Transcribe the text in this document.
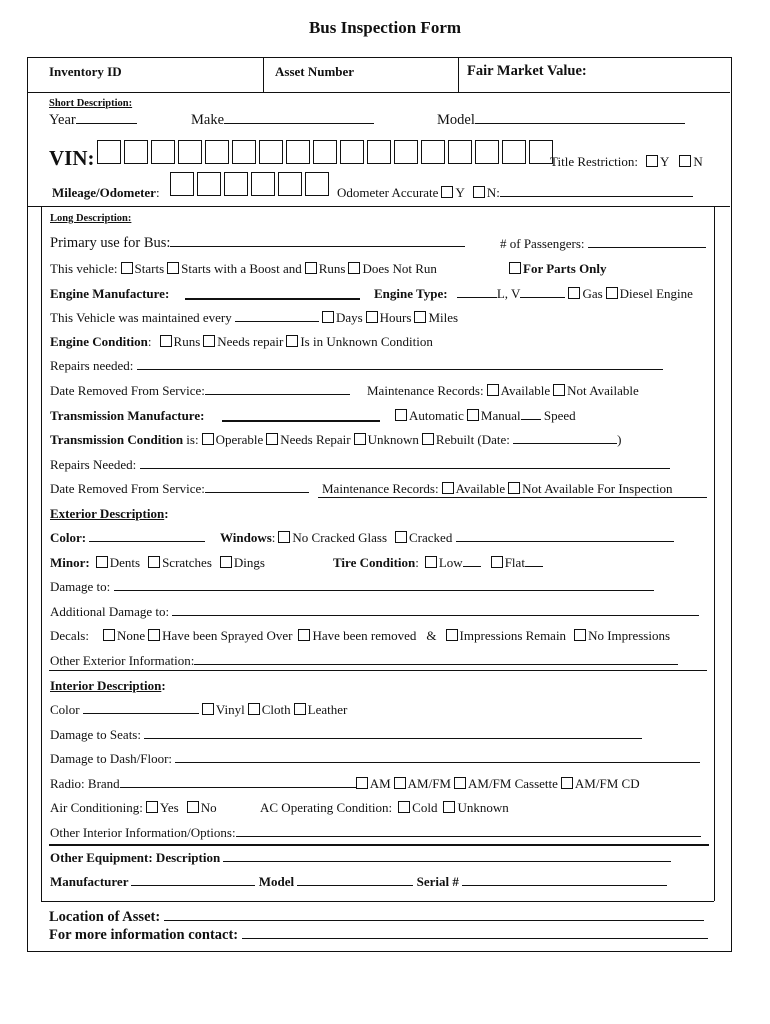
Bus Inspection Form
Inventory ID	Asset Number	Fair Market Value:
Short Description:
Year	Make	Model
VIN:	Title Restriction: Y N
Mileage/Odometer:	Odometer Accurate Y N:
Long Description:
Primary use for Bus:	# of Passengers:
This vehicle: Starts Starts with a Boost and Runs Does Not Run	For Parts Only
Engine Manufacture:	Engine Type:	L, V	Gas Diesel Engine
This Vehicle was maintained every	Days Hours Miles
Engine Condition: Runs Needs repair Is in Unknown Condition
Repairs needed:
Date Removed From Service:	Maintenance Records: Available Not Available
Transmission Manufacture:	Automatic Manual Speed
Transmission Condition is: Operable Needs Repair Unknown Rebuilt (Date:	)
Repairs Needed:
Date Removed From Service:	Maintenance Records: Available Not Available For Inspection
Exterior Description:
Color:	Windows: No Cracked Glass Cracked
Minor: Dents Scratches Dings	Tire Condition: Low	Flat
Damage to:
Additional Damage to:
Decals: None Have been Sprayed Over Have been removed & Impressions Remain No Impressions
Other Exterior Information:
Interior Description:
Color	Vinyl Cloth Leather
Damage to Seats:
Damage to Dash/Floor:
Radio: Brand	AM AM/FM AM/FM Cassette AM/FM CD
Air Conditioning: Yes No	AC Operating Condition: Cold Unknown
Other Interior Information/Options:
Other Equipment: Description
Manufacturer	Model	Serial #
Location of Asset:
For more information contact:
